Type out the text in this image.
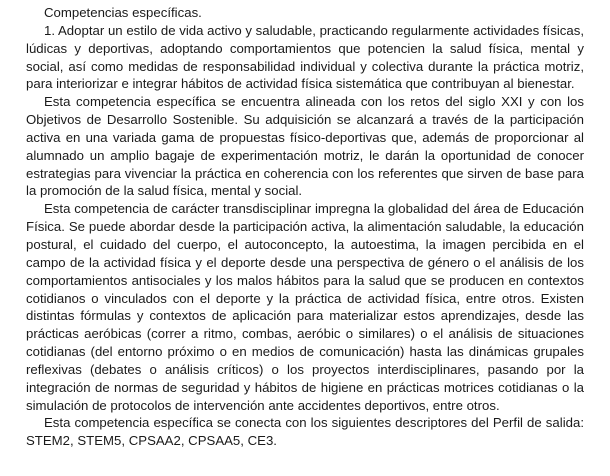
Competencias específicas.

1. Adoptar un estilo de vida activo y saludable, practicando regularmente actividades físicas, lúdicas y deportivas, adoptando comportamientos que potencien la salud física, mental y social, así como medidas de responsabilidad individual y colectiva durante la práctica motriz, para interiorizar e integrar hábitos de actividad física sistemática que contribuyan al bienestar.

Esta competencia específica se encuentra alineada con los retos del siglo XXI y con los Objetivos de Desarrollo Sostenible. Su adquisición se alcanzará a través de la participación activa en una variada gama de propuestas físico-deportivas que, además de proporcionar al alumnado un amplio bagaje de experimentación motriz, le darán la oportunidad de conocer estrategias para vivenciar la práctica en coherencia con los referentes que sirven de base para la promoción de la salud física, mental y social.

Esta competencia de carácter transdisciplinar impregna la globalidad del área de Educación Física. Se puede abordar desde la participación activa, la alimentación saludable, la educación postural, el cuidado del cuerpo, el autoconcepto, la autoestima, la imagen percibida en el campo de la actividad física y el deporte desde una perspectiva de género o el análisis de los comportamientos antisociales y los malos hábitos para la salud que se producen en contextos cotidianos o vinculados con el deporte y la práctica de actividad física, entre otros. Existen distintas fórmulas y contextos de aplicación para materializar estos aprendizajes, desde las prácticas aeróbicas (correr a ritmo, combas, aeróbic o similares) o el análisis de situaciones cotidianas (del entorno próximo o en medios de comunicación) hasta las dinámicas grupales reflexivas (debates o análisis críticos) o los proyectos interdisciplinares, pasando por la integración de normas de seguridad y hábitos de higiene en prácticas motrices cotidianas o la simulación de protocolos de intervención ante accidentes deportivos, entre otros.

Esta competencia específica se conecta con los siguientes descriptores del Perfil de salida: STEM2, STEM5, CPSAA2, CPSAA5, CE3.
